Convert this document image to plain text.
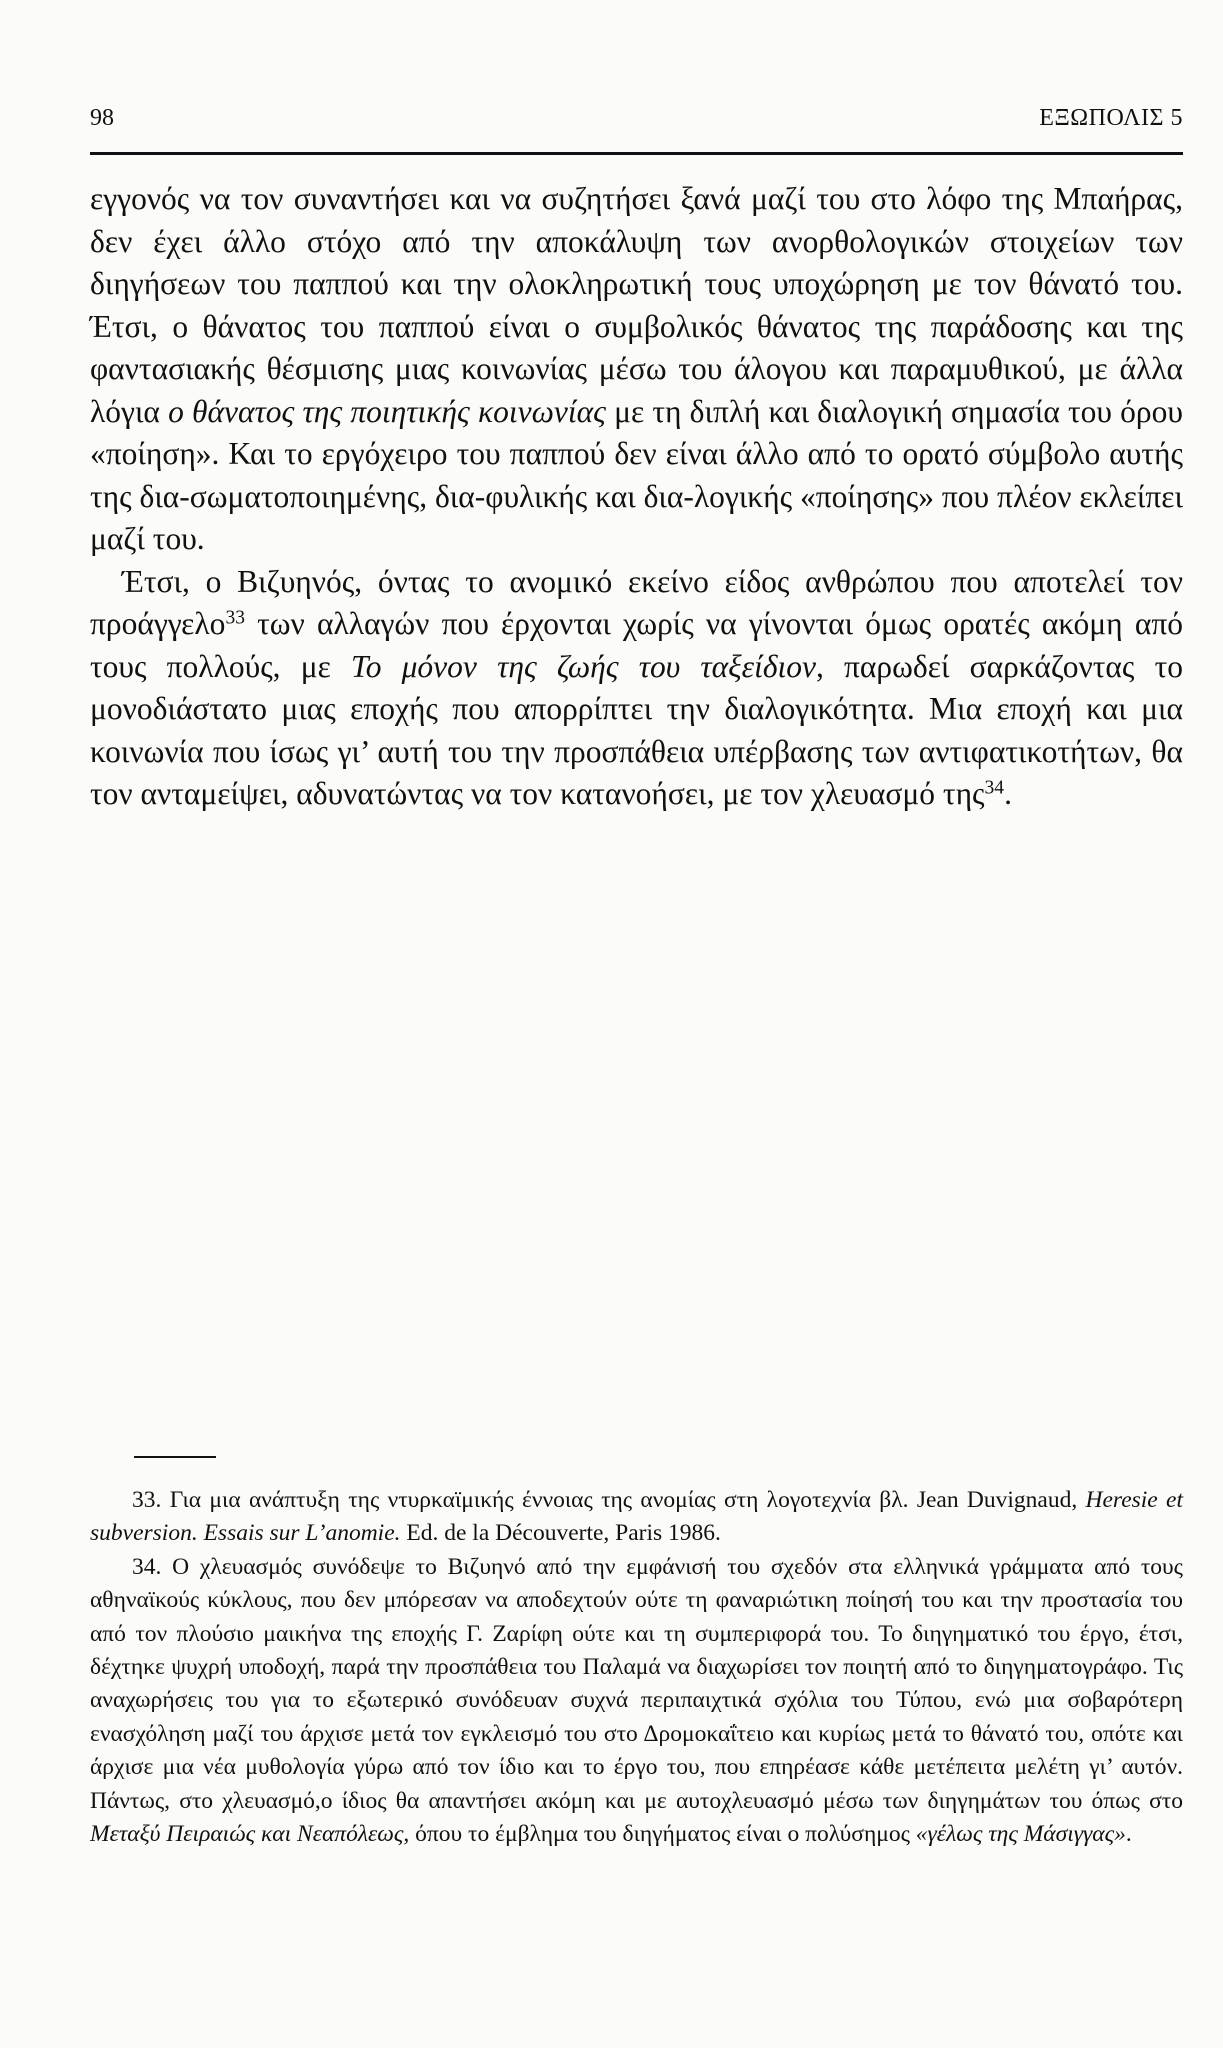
98	ΕΞΩΠΟΛΙΣ 5

εγγονός να τον συναντήσει και να συζητήσει ξανά μαζί του στο λόφο της Μπαήρας, δεν έχει άλλο στόχο από την αποκάλυψη των ανορθολογικών στοιχείων των διηγήσεων του παππού και την ολοκληρωτική τους υποχώρηση με τον θάνατό του. Έτσι, ο θάνατος του παππού είναι ο συμβολικός θάνατος της παράδοσης και της φαντασιακής θέσμισης μιας κοινωνίας μέσω του άλογου και παραμυθικού, με άλλα λόγια ο θάνατος της ποιητικής κοινωνίας με τη διπλή και διαλογική σημασία του όρου «ποίηση». Και το εργόχειρο του παππού δεν είναι άλλο από το ορατό σύμβολο αυτής της δια-σωματοποιημένης, δια-φυλικής και δια-λογικής «ποίησης» που πλέον εκλείπει μαζί του.

Έτσι, ο Βιζυηνός, όντας το ανομικό εκείνο είδος ανθρώπου που αποτελεί τον πρoάγγελο$^{33}$ των αλλαγών που έρχονται χωρίς να γίνονται όμως ορατές ακόμη από τους πολλούς, με Το μόνον της ζωής του ταξείδιον, παρωδεί σαρκάζοντας το μονοδιάστατο μιας εποχής που απορρίπτει την διαλογικότητα. Μια εποχή και μια κοινωνία που ίσως γι’ αυτή του την προσπάθεια υπέρβασης των αντιφατικοτήτων, θα τον ανταμείψει, αδυνατώντας να τον κατανοήσει, με τον χλευασμό της$^{34}$.

33. Για μια ανάπτυξη της ντυρκαϊμικής έννοιας της ανομίας στη λογοτεχνία βλ. Jean Duvignaud, Heresie et subversion. Essais sur L’anomie. Ed. de la Découverte, Paris 1986.

34. Ο χλευασμός συνόδεψε το Βιζυηνό από την εμφάνισή του σχεδόν στα ελληνικά γράμματα από τους αθηναϊκούς κύκλους, που δεν μπόρεσαν να αποδεχτούν ούτε τη φαναριώτικη ποίησή του και την προστασία του από τον πλούσιο μαικήνα της εποχής Γ. Ζαρίφη ούτε και τη συμπεριφορά του. Το διηγηματικό του έργο, έτσι, δέχτηκε ψυχρή υποδοχή, παρά την προσπάθεια του Παλαμά να διαχωρίσει τον ποιητή από το διηγηματογράφο. Τις αναχωρήσεις του για το εξωτερικό συνόδευαν συχνά περιπαιχτικά σχόλια του Τύπου, ενώ μια σοβαρότερη ενασχόληση μαζί του άρχισε μετά τον εγκλεισμό του στο Δρομοκαΐτειο και κυρίως μετά το θάνατό του, οπότε και άρχισε μια νέα μυθολογία γύρω από τον ίδιο και το έργο του, που επηρέασε κάθε μετέπειτα μελέτη γι’ αυτόν. Πάντως, στο χλευασμό,ο ίδιος θα απαντήσει ακόμη και με αυτοχλευασμό μέσω των διηγημάτων του όπως στο Μεταξύ Πειραιώς και Νεαπόλεως, όπου το έμβλημα του διηγήματος είναι ο πολύσημος «γέλως της Μάσιγγας».
